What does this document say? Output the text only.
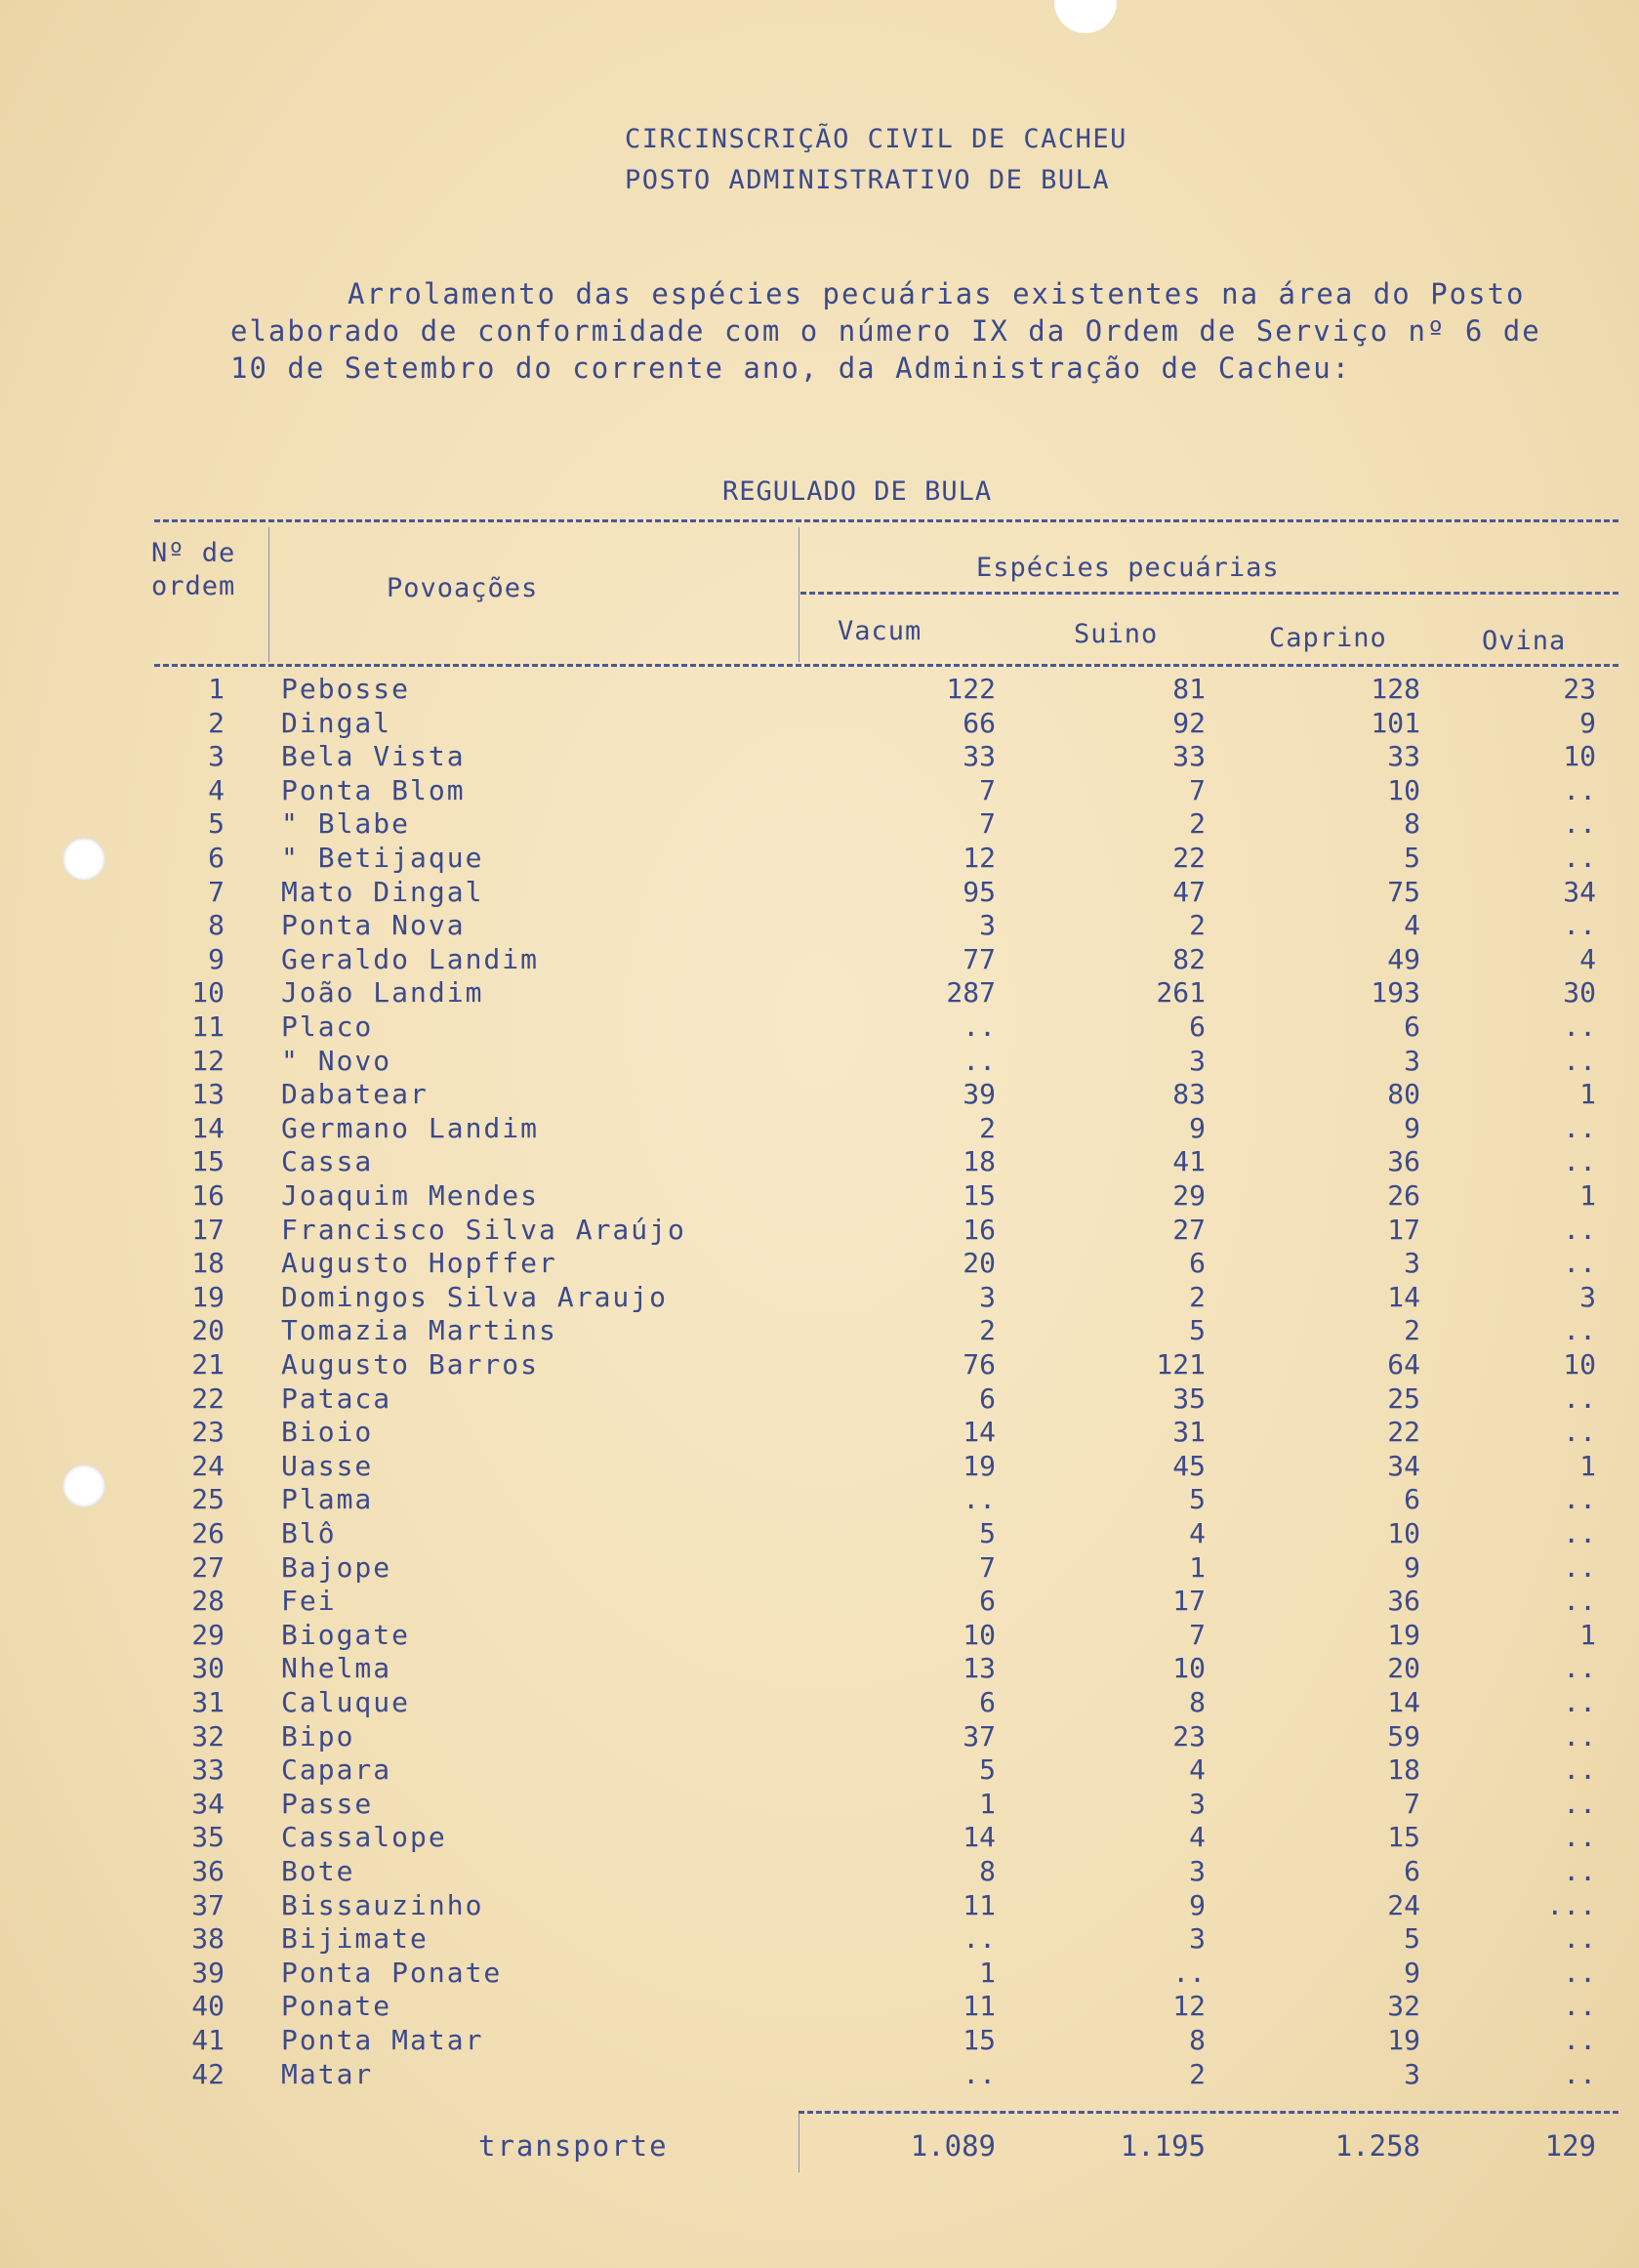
CIRCINSCRIÇÃO CIVIL DE CACHEU
POSTO ADMINISTRATIVO DE BULA
Arrolamento das espécies pecuárias existentes na área do Posto
elaborado de conformidade com o número IX da Ordem de Serviço nº 6 de
10 de Setembro do corrente ano, da Administração de Cacheu:
REGULADO DE BULA
Nº de
ordem	Povoações
Espécies pecuárias
Vacum	Suino	Caprino	Ovina
1 Pebosse	122	81	128	23
2 Dingal	66	92	101	9
3 Bela Vista	33	33	33	10
4 Ponta Blom	7	7	10	..
5 " Blabe	7	2	8	..
6 " Betijaque	12	22	5	..
7 Mato Dingal	95	47	75	34
8 Ponta Nova	3	2	4	..
9 Geraldo Landim	77	82	49	4
10 João Landim	287	261	193	30
11 Placo	..	6	6	..
12 " Novo	..	3	3	..
13 Dabatear	39	83	80	1
14 Germano Landim	2	9	9	..
15 Cassa	18	41	36	..
16 Joaquim Mendes	15	29	26	1
17 Francisco Silva Araújo	16	27	17	..
18 Augusto Hopffer	20	6	3	..
19 Domingos Silva Araujo	3	2	14	3
20 Tomazia Martins	2	5	2	..
21 Augusto Barros	76	121	64	10
22 Pataca	6	35	25	..
23 Bioio	14	31	22	..
24 Uasse	19	45	34	1
25 Plama	..	5	6	..
26 Blô	5	4	10	..
27 Bajope	7	1	9	..
28 Fei	6	17	36	..
29 Biogate	10	7	19	1
30 Nhelma	13	10	20	..
31 Caluque	6	8	14	..
32 Bipo	37	23	59	..
33 Capara	5	4	18	..
34 Passe	1	3	7	..
35 Cassalope	14	4	15	..
36 Bote	8	3	6	..
37 Bissauzinho	11	9	24	...
38 Bijimate	..	3	5	..
39 Ponta Ponate	1	..	9	..
40 Ponate	11	12	32	..
41 Ponta Matar	15	8	19	..
42 Matar	..	2	3	..
transporte	1.089	1.195	1.258	129
